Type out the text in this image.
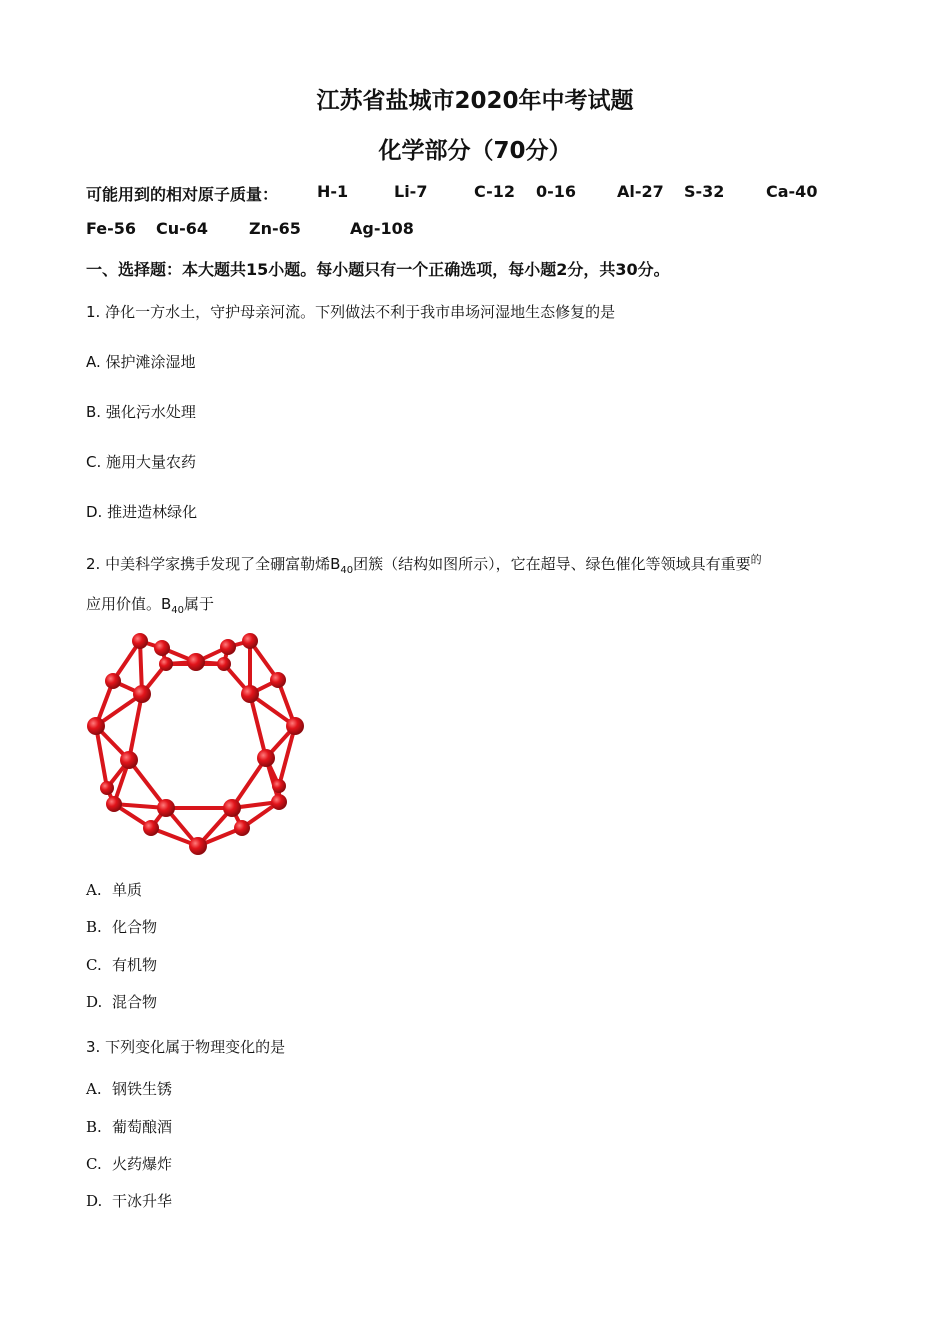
江苏省盐城市2020年中考试题
化学部分（70分）
可能用到的相对原子质量： H-1	Li-7	C-12 0-16	Al-27 S-32	Ca-40
Fe-56 Cu-64	Zn-65	Ag-108
一、选择题：本大题共15小题。每小题只有一个正确选项，每小题2分，共30分。
1. 净化一方水土，守护母亲河流。下列做法不利于我市串场河湿地生态修复的是
A. 保护滩涂湿地
B. 强化污水处理
C. 施用大量农药
D. 推进造林绿化
2. 中美科学家携手发现了全硼富勒烯$B_{40}$团簇（结构如图所示），它在超导、绿色催化等领域具有重要$^的$
应用价值。$B_{40}$属于
A. 单质
B. 化合物
C. 有机物
D. 混合物
3. 下列变化属于物理变化的是
A. 钢铁生锈
B. 葡萄酿酒
C. 火药爆炸
D. 干冰升华
